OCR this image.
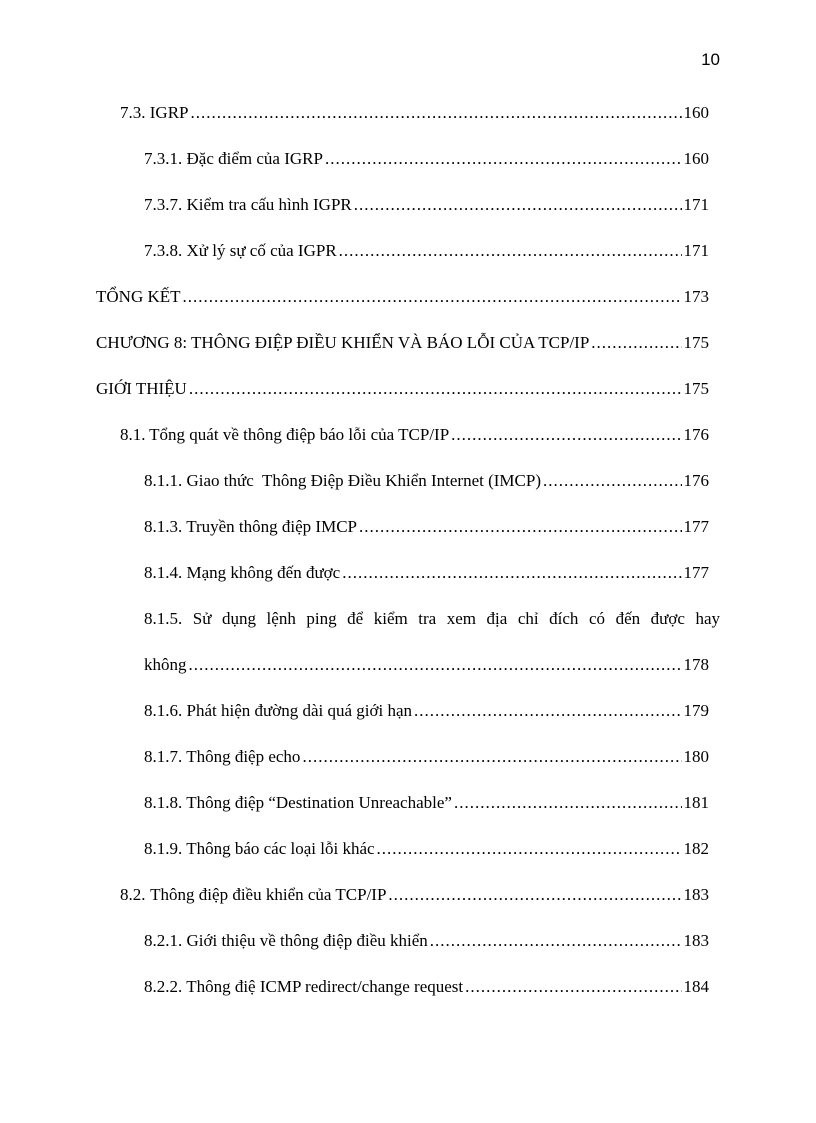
10
7.3. IGRP .....	160
7.3.1. Đặc điểm của IGRP .....	160
7.3.7. Kiểm tra cấu hình IGPR .....	171
7.3.8. Xử lý sự cố của IGPR .....	171
TỔNG KẾT .....	173
CHƯƠNG 8: THÔNG ĐIỆP ĐIỀU KHIỂN VÀ BÁO LỖI CỦA TCP/IP .....	175
GIỚI THIỆU .....	175
8.1. Tổng quát về thông điệp báo lỗi của TCP/IP .....	176
8.1.1. Giao thức  Thông Điệp Điều Khiển Internet (IMCP) .....	176
8.1.3. Truyền thông điệp IMCP .....	177
8.1.4. Mạng không đến được .....	177
8.1.5. Sử dụng lệnh ping để kiểm tra xem địa chỉ đích có đến được hay
không .....	178
8.1.6. Phát hiện đường dài quá giới hạn .....	179
8.1.7. Thông điệp echo .....	180
8.1.8. Thông điệp “Destination Unreachable” .....	181
8.1.9. Thông báo các loại lỗi khác .....	182
8.2. Thông điệp điều khiển của TCP/IP .....	183
8.2.1. Giới thiệu về thông điệp điều khiển .....	183
8.2.2. Thông điệ ICMP redirect/change request .....	184
